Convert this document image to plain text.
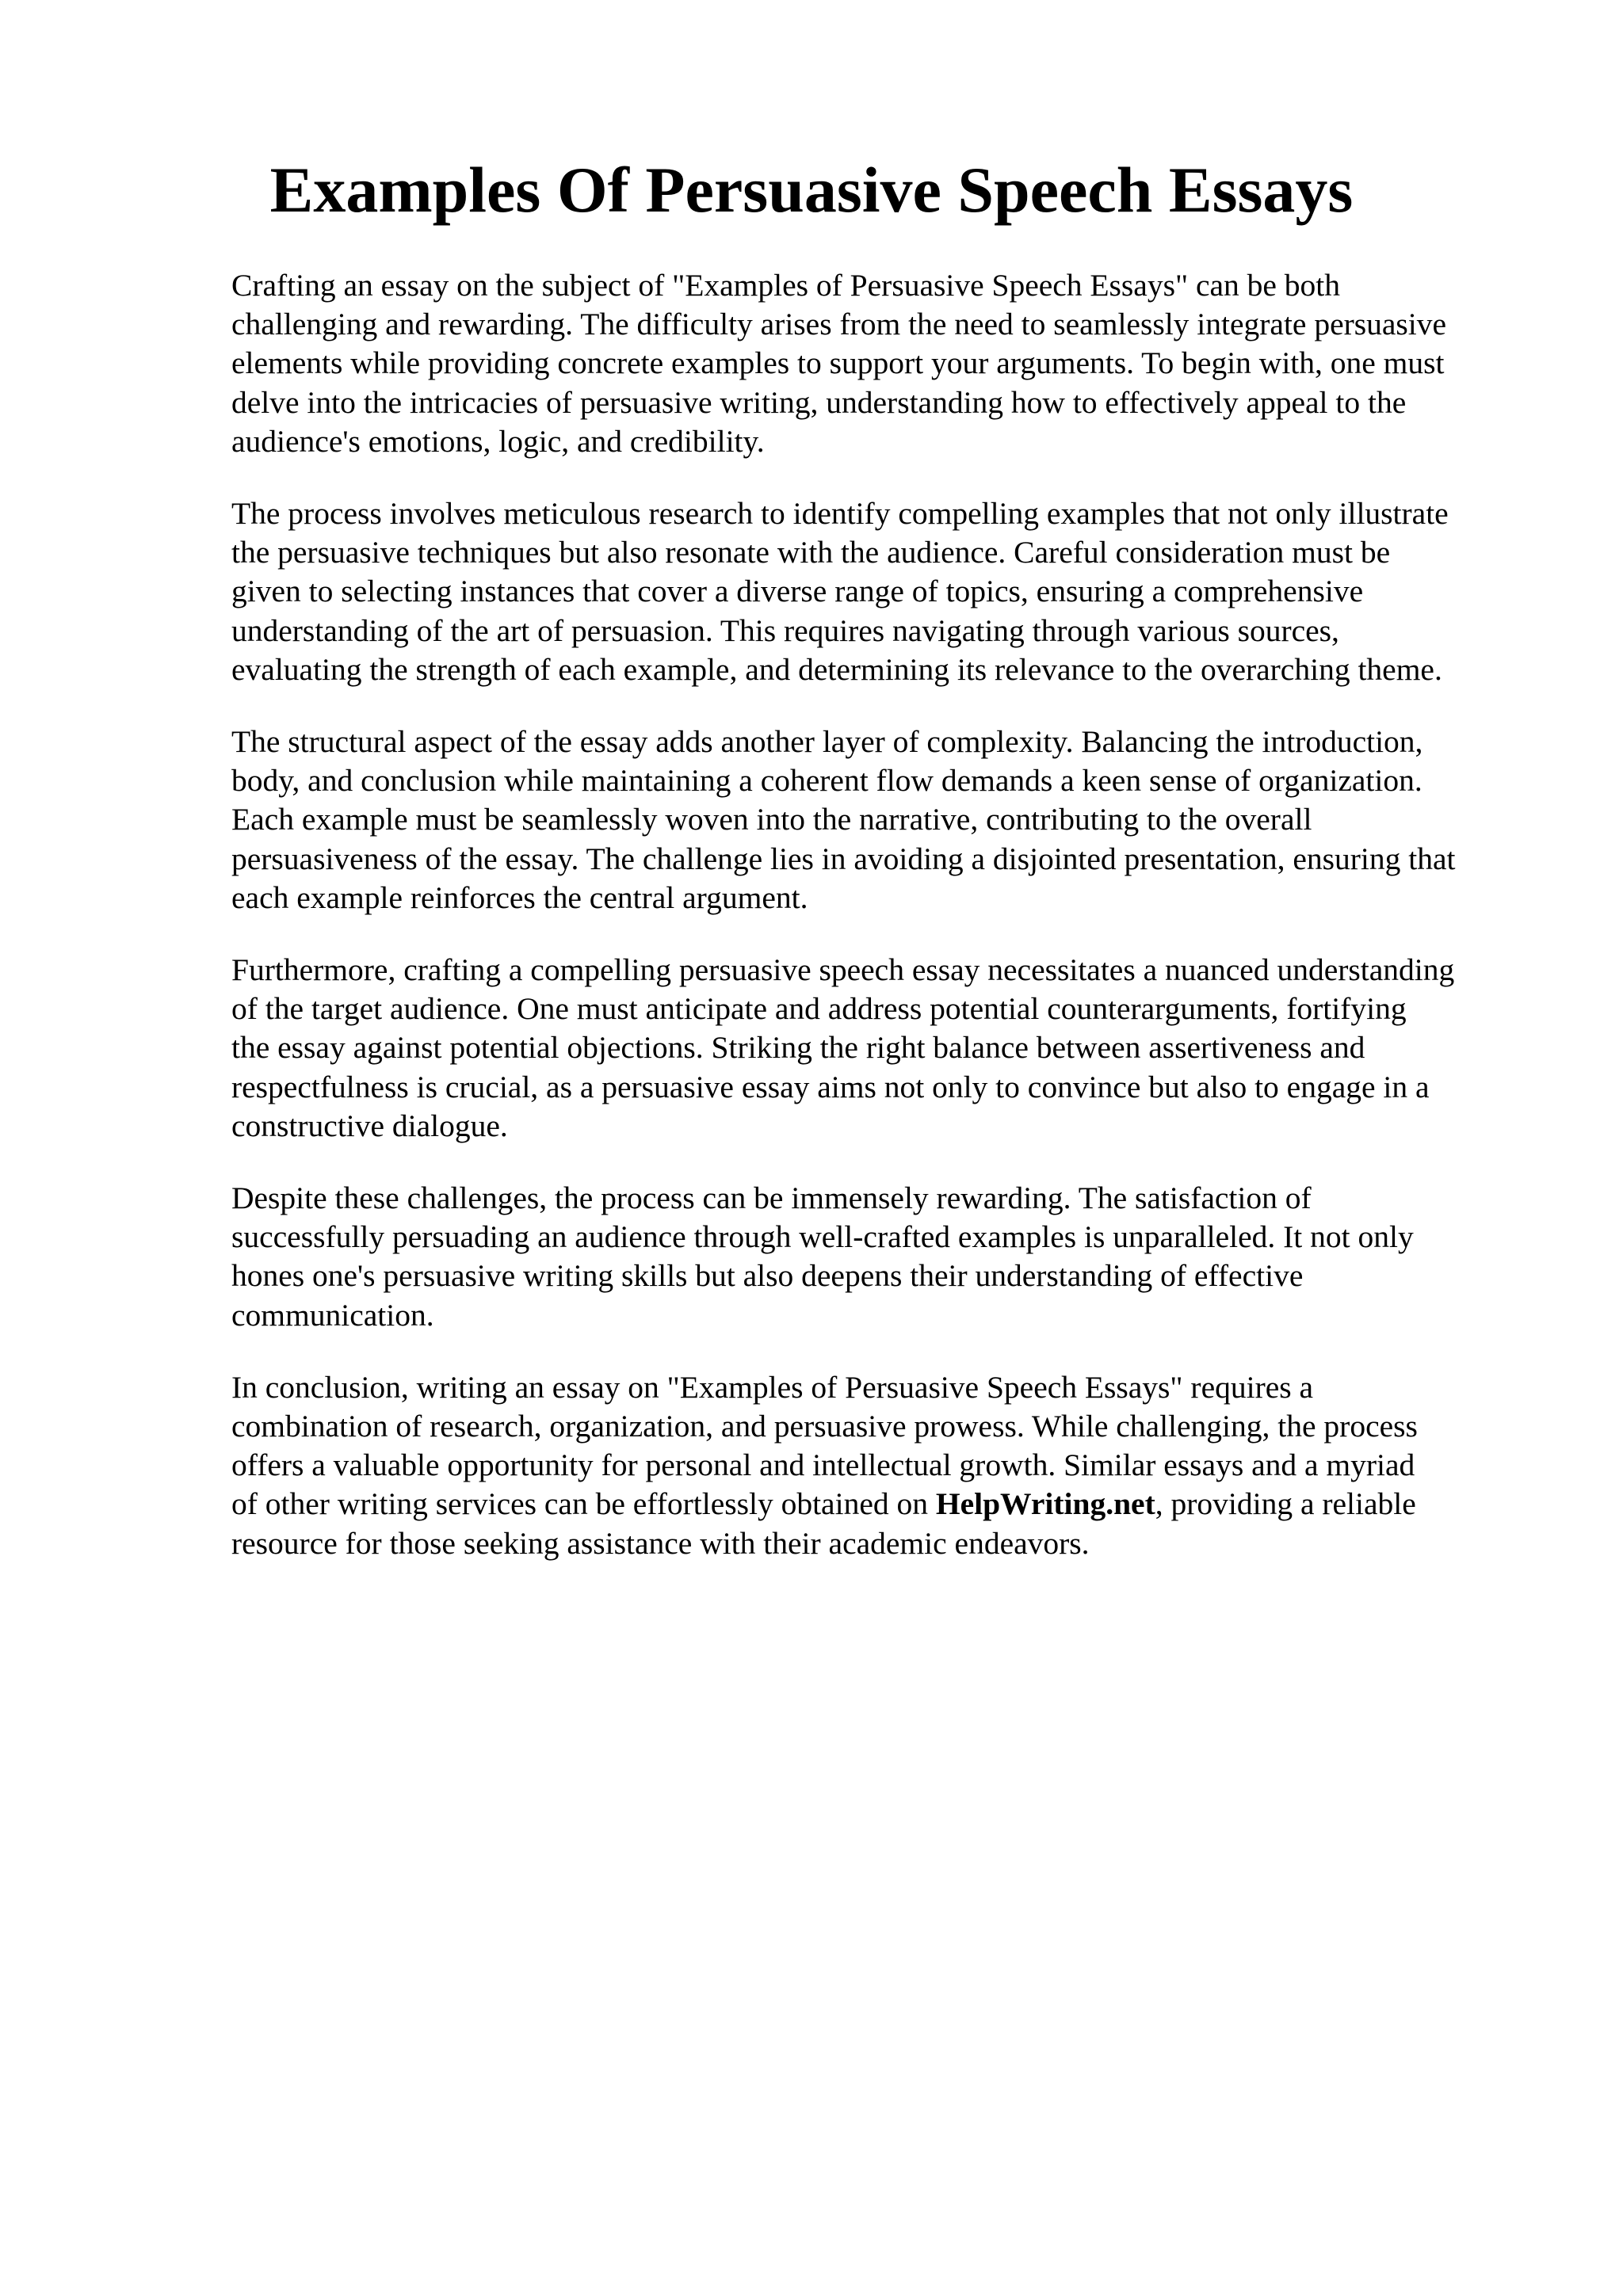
Examples Of Persuasive Speech Essays
Crafting an essay on the subject of "Examples of Persuasive Speech Essays" can be both
challenging and rewarding. The difficulty arises from the need to seamlessly integrate persuasive
elements while providing concrete examples to support your arguments. To begin with, one must
delve into the intricacies of persuasive writing, understanding how to effectively appeal to the
audience's emotions, logic, and credibility.
The process involves meticulous research to identify compelling examples that not only illustrate
the persuasive techniques but also resonate with the audience. Careful consideration must be
given to selecting instances that cover a diverse range of topics, ensuring a comprehensive
understanding of the art of persuasion. This requires navigating through various sources,
evaluating the strength of each example, and determining its relevance to the overarching theme.
The structural aspect of the essay adds another layer of complexity. Balancing the introduction,
body, and conclusion while maintaining a coherent flow demands a keen sense of organization.
Each example must be seamlessly woven into the narrative, contributing to the overall
persuasiveness of the essay. The challenge lies in avoiding a disjointed presentation, ensuring that
each example reinforces the central argument.
Furthermore, crafting a compelling persuasive speech essay necessitates a nuanced understanding
of the target audience. One must anticipate and address potential counterarguments, fortifying
the essay against potential objections. Striking the right balance between assertiveness and
respectfulness is crucial, as a persuasive essay aims not only to convince but also to engage in a
constructive dialogue.
Despite these challenges, the process can be immensely rewarding. The satisfaction of
successfully persuading an audience through well-crafted examples is unparalleled. It not only
hones one's persuasive writing skills but also deepens their understanding of effective
communication.
In conclusion, writing an essay on "Examples of Persuasive Speech Essays" requires a
combination of research, organization, and persuasive prowess. While challenging, the process
offers a valuable opportunity for personal and intellectual growth. Similar essays and a myriad
of other writing services can be effortlessly obtained on HelpWriting.net, providing a reliable
resource for those seeking assistance with their academic endeavors.
